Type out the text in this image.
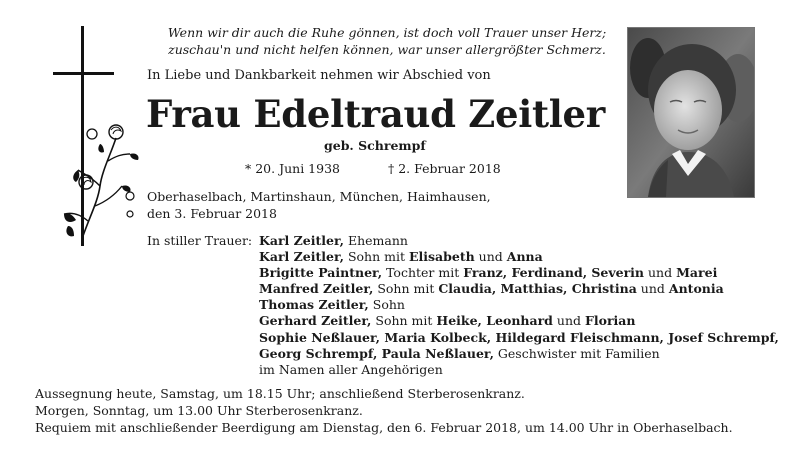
Wenn wir dir auch die Ruhe gönnen, ist doch voll Trauer unser Herz;
zuschau'n und nicht helfen können, war unser allergrößter Schmerz.
In Liebe und Dankbarkeit nehmen wir Abschied von
Frau Edeltraud Zeitler
geb. Schrempf
* 20. Juni 1938	† 2. Februar 2018
Oberhaselbach, Martinshaun, München, Haimhausen,
den 3. Februar 2018
In stiller Trauer: Karl Zeitler, Ehemann
Karl Zeitler, Sohn mit Elisabeth und Anna
Brigitte Paintner, Tochter mit Franz, Ferdinand, Severin und Marei
Manfred Zeitler, Sohn mit Claudia, Matthias, Christina und Antonia
Thomas Zeitler, Sohn
Gerhard Zeitler, Sohn mit Heike, Leonhard und Florian
Sophie Neßlauer, Maria Kolbeck, Hildegard Fleischmann, Josef Schrempf,
Georg Schrempf, Paula Neßlauer, Geschwister mit Familien
im Namen aller Angehörigen
Aussegnung heute, Samstag, um 18.15 Uhr; anschließend Sterberosenkranz.
Morgen, Sonntag, um 13.00 Uhr Sterberosenkranz.
Requiem mit anschließender Beerdigung am Dienstag, den 6. Februar 2018, um 14.00 Uhr in Oberhaselbach.
